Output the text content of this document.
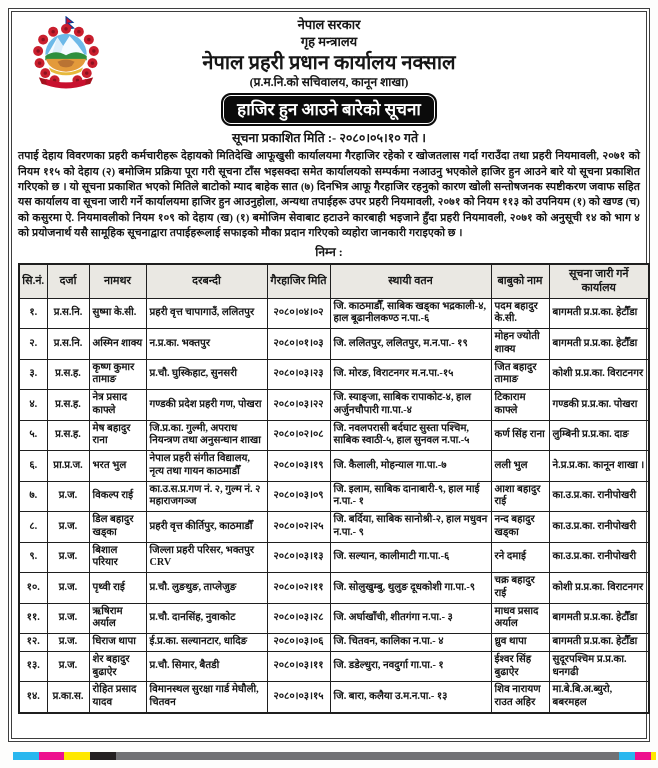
नेपाल सरकार
गृह मन्त्रालय
नेपाल प्रहरी प्रधान कार्यालय नक्साल
(प्र.म.नि.को सचिवालय, कानून शाखा)
हाजिर हुन आउने बारेको सूचना
सूचना प्रकाशित मिति :- २०८०।०५।१० गते ।
तपाई देहाय विवरणका प्रहरी कर्मचारीहरू देहायको मितिदेखि आफूखुसी कार्यालयमा गैरहाजिर रहेको र खोजतलास गर्दा गराउँदा तथा प्रहरी नियमावली, २०७१ को नियम ११५ को देहाय (२) बमोजिम प्रक्रिया पूरा गरी सूचना टाँस भइसक्दा समेत कार्यालयको सम्पर्कमा नआउनु भएकोले हाजिर हुन आउने बारे यो सूचना प्रकाशित गरिएको छ । यो सूचना प्रकाशित भएको मितिले बाटोको म्याद बाहेक सात (७) दिनभित्र आफू गैरहाजिर रहनुको कारण खोली सन्तोषजनक स्पष्टीकरण जवाफ सहित यस कार्यालय वा सूचना जारी गर्ने कार्यालयमा हाजिर हुन आउनुहोला, अन्यथा तपाईहरू उपर प्रहरी नियमावली, २०७१ को नियम ११३ को उपनियम (१) को खण्ड (च) को कसुरमा ऐ. नियमावलीको नियम १०९ को देहाय (ख) (१) बमोजिम सेवाबाट हटाउने कारबाही भइजाने हुँदा प्रहरी नियमावली, २०७१ को अनुसूची १४ को भाग ४ को प्रयोजनार्थ यसै सामूहिक सूचनाद्वारा तपाईहरूलाई सफाइको मौका प्रदान गरिएको व्यहोरा जानकारी गराइएको छ ।
निम्न :
सि.नं.	दर्जा	नामथर	दरबन्दी	गैरहाजिर मिति	स्थायी वतन	बाबुको नाम	सूचना जारी गर्ने कार्यालय
१.	प्र.स.नि.	सुष्मा के.सी.	प्रहरी वृत्त चापागाउँ, ललितपुर	२०८०।०४।०२	जि. काठमाडौँ, साबिक खड्का भद्रकाली-४, हाल बूढानीलकण्ठ न.पा.-६	पदम बहादुर के.सी.	बागमती प्र.प्र.का. हेटौँडा
२.	प्र.स.नि.	अस्मिन शाक्य	न.प्र.का. भक्तपुर	२०८०।०१।०३	जि. ललितपुर, ललितपुर, म.न.पा.- १९	मोहन ज्योती शाक्य	बागमती प्र.प्र.का. हेटौँडा
३.	प्र.स.ह.	कृष्ण कुमार तामाङ	प्र.चौ. घुस्किहाट, सुनसरी	२०८०।०३।२३	जि. मोरङ, विराटनगर म.न.पा.-१५	जित बहादुर तामाङ	कोशी प्र.प्र.का. विराटनगर
४.	प्र.स.ह.	नेत्र प्रसाद काफ्ले	गण्डकी प्रदेश प्रहरी गण, पोखरा	२०८०।०३।२२	जि. स्याङ्जा, साबिक रापाकोट-४, हाल अर्जुनचौपारी गा.पा.-४	टिकाराम काफ्ले	गण्डकी प्र.प्र.का. पोखरा
५.	प्र.स.ह.	मेष बहादुर राना	जि.प्र.का. गुल्मी, अपराध नियन्त्रण तथा अनुसन्धान शाखा	२०८०।०२।०८	जि. नवलपरासी बर्दघाट सुस्ता पश्चिम, साबिक स्वाठी-५, हाल सुनवल न.पा.-५	कर्ण सिंह राना	लुम्बिनी प्र.प्र.का. दाङ
६.	प्रा.प्र.ज.	भरत भुल	नेपाल प्रहरी संगीत विद्यालय, नृत्य तथा गायन काठमाडौँ	२०८०।०३।१९	जि. कैलाली, मोहन्याल गा.पा.-७	लली भुल	ने.प्र.प्र.का. कानून शाखा ।
७.	प्र.ज.	विकल्प राई	का.उ.स.प्र.गण नं. २, गुल्म नं. २ महाराजगञ्ज	२०८०।०३।०९	जि. इलाम, साबिक दानाबारी-९, हाल माई न.पा.- १	आशा बहादुर राई	का.उ.प्र.का. रानीपोखरी
८.	प्र.ज.	डिल बहादुर खड्का	प्रहरी वृत्त कीर्तिपुर, काठमाडौँ	२०८०।०२।२५	जि. बर्दिया, साबिक सानोश्री-२, हाल मधुवन न.पा.- ९	नन्द बहादुर खड्का	का.उ.प्र.का. रानीपोखरी
९.	प्र.ज.	बिशाल परियार	जिल्ला प्रहरी परिसर, भक्तपुर CRV	२०८०।०३।१३	जि. सल्यान, कालीमाटी गा.पा.-६	रने दमाई	का.उ.प्र.का. रानीपोखरी
१०.	प्र.ज.	पृथ्वी राई	प्र.चौ. लुङथुङ, ताप्लेजुङ	२०८०।०२।११	जि. सोलुखुम्बु, थुलुङ दूधकोशी गा.पा.-९	चक्र बहादुर राई	कोशी प्र.प्र.का. विराटनगर
११.	प्र.ज.	ऋषिराम अर्याल	प्र.चौ. दानसिंह, नुवाकोट	२०८०।०३।२८	जि. अर्घाखाँची, शीतगंगा न.पा.- ३	माधव प्रसाद अर्याल	बागमती प्र.प्र.का. हेटौँडा
१२.	प्र.ज.	धिराज थापा	ई.प्र.का. सल्यानटार, धादिङ	२०८०।०३।०६	जि. चितवन, कालिका न.पा.- ४	ध्रुव थापा	बागमती प्र.प्र.का. हेटौँडा
१३.	प्र.ज.	शेर बहादुर बुढाऐर	प्र.चौ. सिमार, बैतडी	२०८०।०३।११	जि. डडेल्धुरा, नवदुर्गा गा.पा.- १	ईश्वर सिंह बुढाऐर	सुदूरपश्चिम प्र.प्र.का. धनगढी
१४.	प्र.का.स.	रोहित प्रसाद यादव	विमानस्थल सुरक्षा गार्ड मेघौली, चितवन	२०८०।०३।१५	जि. बारा, कलैया उ.म.न.पा.- १३	शिव नारायण राउत अहिर	मा.बे.बि.अ.ब्युरो, बबरमहल
